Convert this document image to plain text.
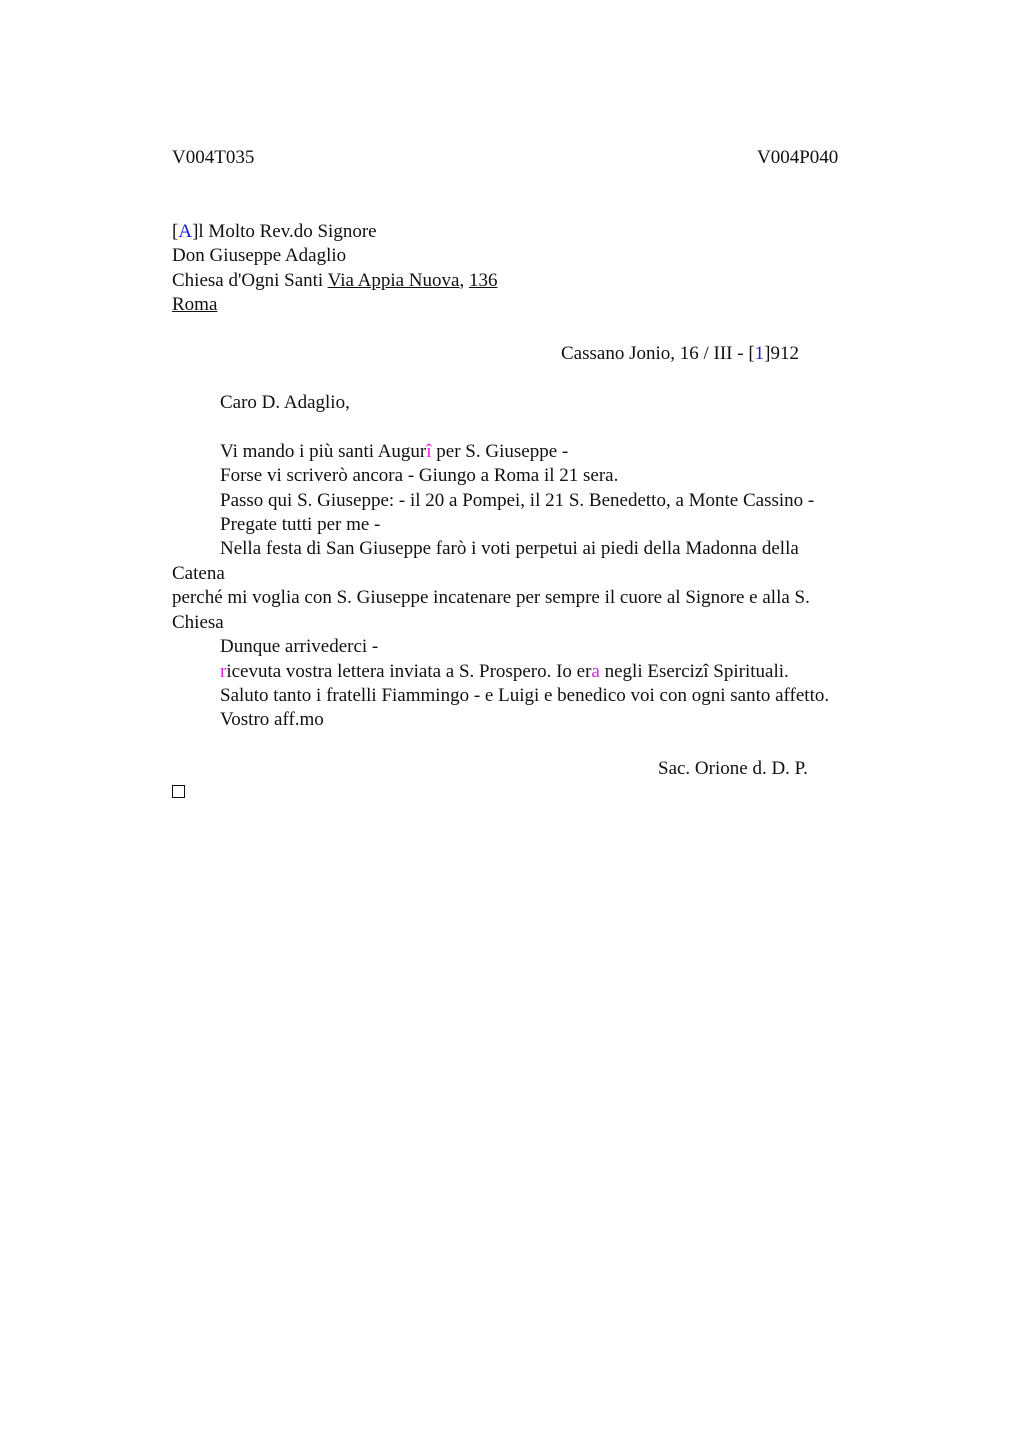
V004T035	V004P040
[A]l Molto Rev.do Signore
Don Giuseppe Adaglio
Chiesa d'Ogni Santi Via Appia Nuova, 136
Roma
Cassano Jonio, 16 / III - [1]912
Caro D. Adaglio,
Vi mando i più santi Augurî per S. Giuseppe -
Forse vi scriverò ancora - Giungo a Roma il 21 sera.
Passo qui S. Giuseppe: - il 20 a Pompei, il 21 S. Benedetto, a Monte Cassino -
Pregate tutti per me -
Nella festa di San Giuseppe farò i voti perpetui ai piedi della Madonna della
Catena
perché mi voglia con S. Giuseppe incatenare per sempre il cuore al Signore e alla S.
Chiesa
Dunque arrivederci -
ricevuta vostra lettera inviata a S. Prospero. Io era negli Esercizî Spirituali.
Saluto tanto i fratelli Fiammingo - e Luigi e benedico voi con ogni santo affetto.
Vostro aff.mo
Sac. Orione d. D. P.
